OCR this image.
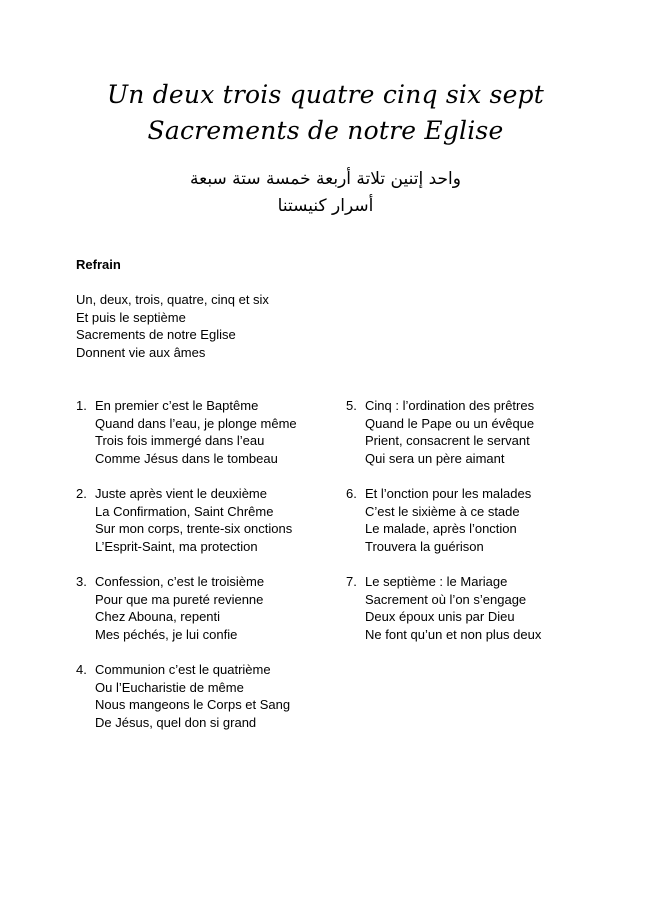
Un deux trois quatre cinq six sept
Sacrements de notre Eglise
واحد إتنين تلاتة أربعة خمسة ستة سبعة
أسرار كنيستنا
Refrain
Un, deux, trois, quatre, cinq et six
Et puis le septième
Sacrements de notre Eglise
Donnent vie aux âmes
1. En premier c’est le Baptême
Quand dans l’eau, je plonge même
Trois fois immergé dans l’eau
Comme Jésus dans le tombeau
2. Juste après vient le deuxième
La Confirmation, Saint Chrême
Sur mon corps, trente-six onctions
L’Esprit-Saint, ma protection
3. Confession, c’est le troisième
Pour que ma pureté revienne
Chez Abouna, repenti
Mes péchés, je lui confie
4. Communion c’est le quatrième
Ou l’Eucharistie de même
Nous mangeons le Corps et Sang
De Jésus, quel don si grand
5. Cinq : l’ordination des prêtres
Quand le Pape ou un évêque
Prient, consacrent le servant
Qui sera un père aimant
6. Et l’onction pour les malades
C’est le sixième à ce stade
Le malade, après l’onction
Trouvera la guérison
7. Le septième : le Mariage
Sacrement où l’on s’engage
Deux époux unis par Dieu
Ne font qu’un et non plus deux
